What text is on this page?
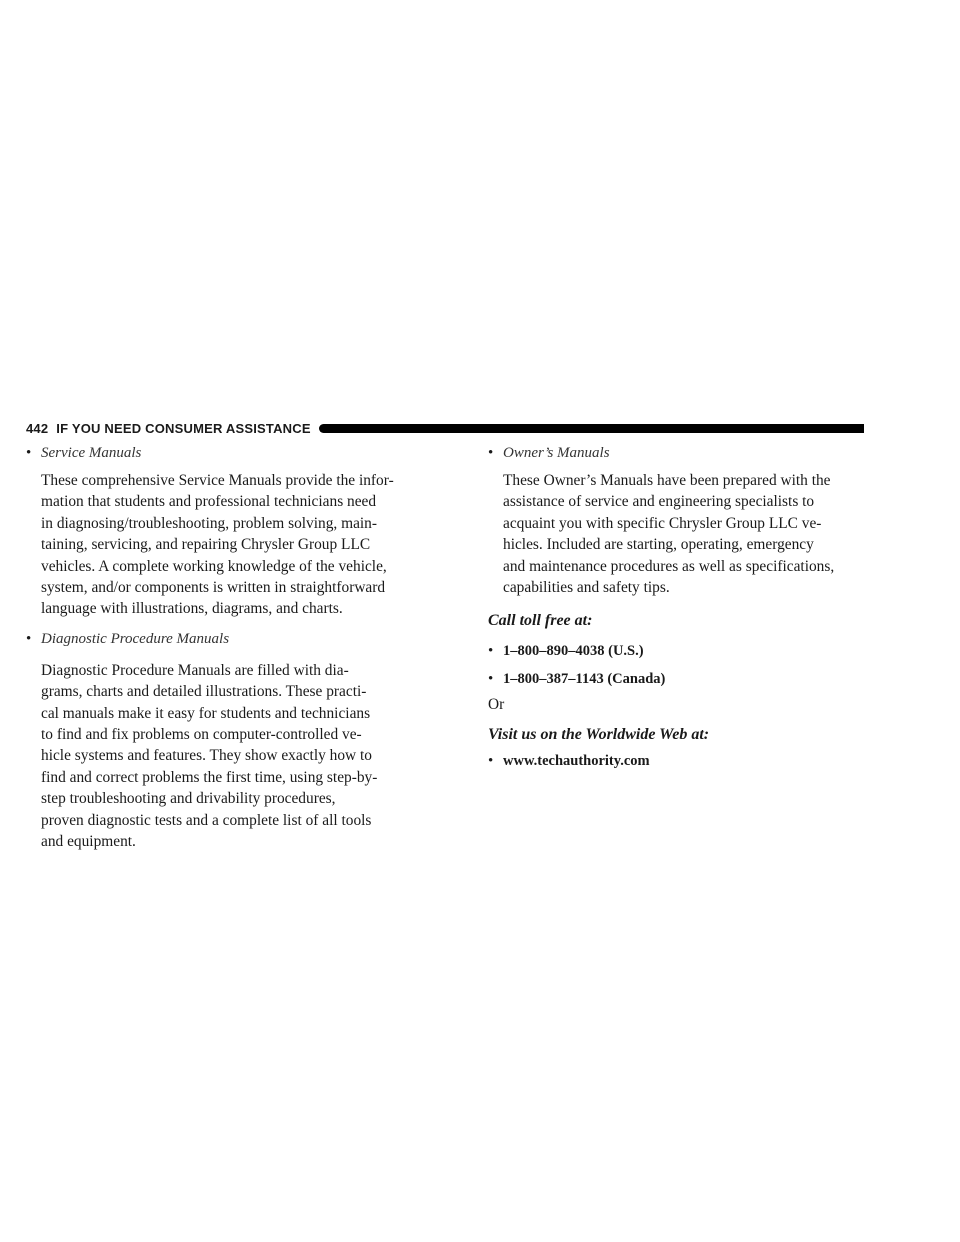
442 IF YOU NEED CONSUMER ASSISTANCE
• Service Manuals
These comprehensive Service Manuals provide the infor-
mation that students and professional technicians need
in diagnosing/troubleshooting, problem solving, main-
taining, servicing, and repairing Chrysler Group LLC
vehicles. A complete working knowledge of the vehicle,
system, and/or components is written in straightforward
language with illustrations, diagrams, and charts.
• Diagnostic Procedure Manuals
Diagnostic Procedure Manuals are filled with dia-
grams, charts and detailed illustrations. These practi-
cal manuals make it easy for students and technicians
to find and fix problems on computer-controlled ve-
hicle systems and features. They show exactly how to
find and correct problems the first time, using step-by-
step troubleshooting and drivability procedures,
proven diagnostic tests and a complete list of all tools
and equipment.
• Owner’s Manuals
These Owner’s Manuals have been prepared with the
assistance of service and engineering specialists to
acquaint you with specific Chrysler Group LLC ve-
hicles. Included are starting, operating, emergency
and maintenance procedures as well as specifications,
capabilities and safety tips.
Call toll free at:
• 1–800–890–4038 (U.S.)
• 1–800–387–1143 (Canada)
Or
Visit us on the Worldwide Web at:
• www.techauthority.com
